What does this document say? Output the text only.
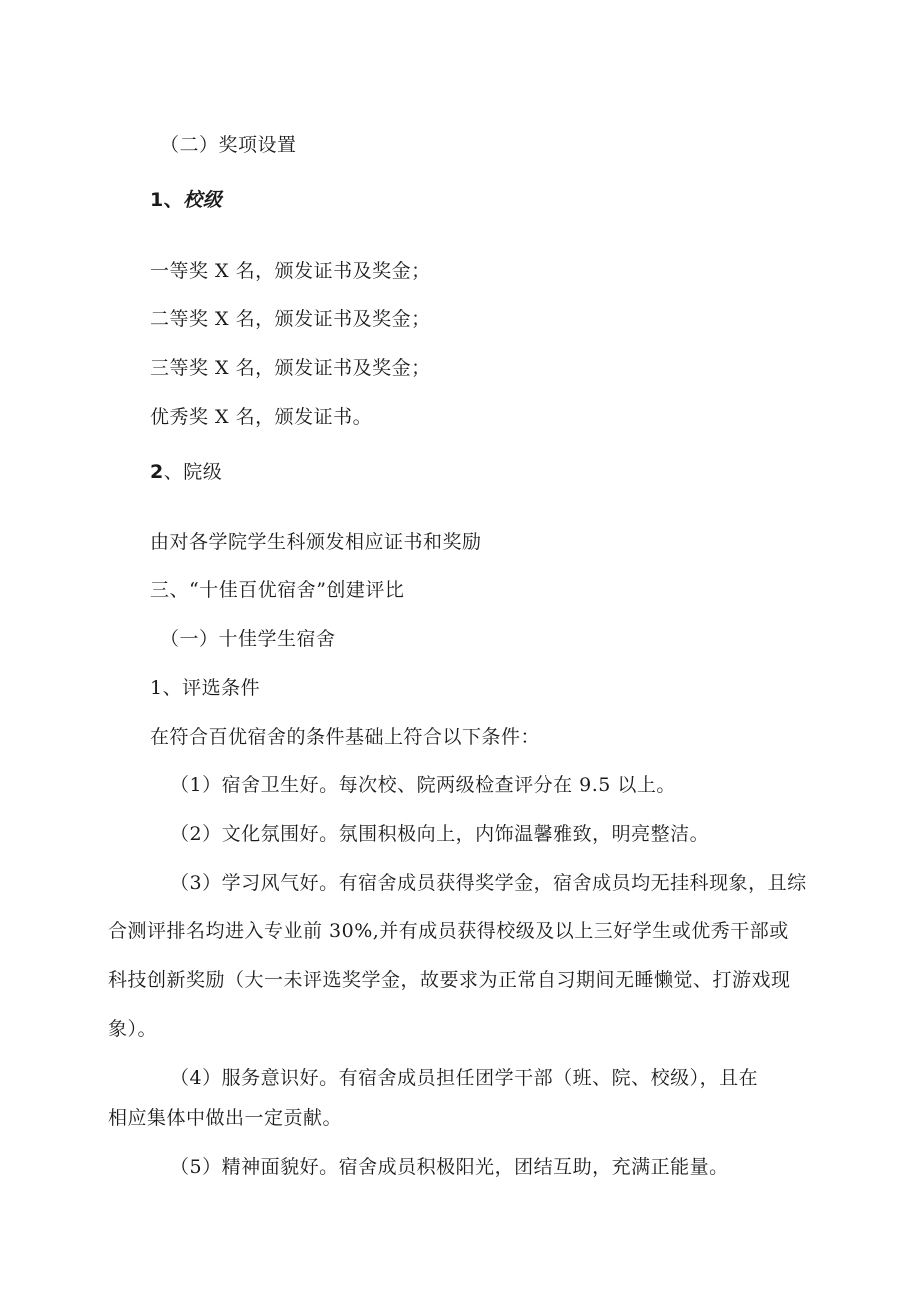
（二）奖项设置
1、校级
一等奖 X 名，颁发证书及奖金；
二等奖 X 名，颁发证书及奖金；
三等奖 X 名，颁发证书及奖金；
优秀奖 X 名，颁发证书。
2、院级
由对各学院学生科颁发相应证书和奖励
三、“十佳百优宿舍”创建评比
（一）十佳学生宿舍
1、评选条件
在符合百优宿舍的条件基础上符合以下条件：
（1）宿舍卫生好。每次校、院两级检查评分在 9.5 以上。
（2）文化氛围好。氛围积极向上，内饰温馨雅致，明亮整洁。
（3）学习风气好。有宿舍成员获得奖学金，宿舍成员均无挂科现象，且综
合测评排名均进入专业前 30%,并有成员获得校级及以上三好学生或优秀干部或
科技创新奖励（大一未评选奖学金，故要求为正常自习期间无睡懒觉、打游戏现
象）。
（4）服务意识好。有宿舍成员担任团学干部（班、院、校级），且在
相应集体中做出一定贡献。
（5）精神面貌好。宿舍成员积极阳光，团结互助，充满正能量。
